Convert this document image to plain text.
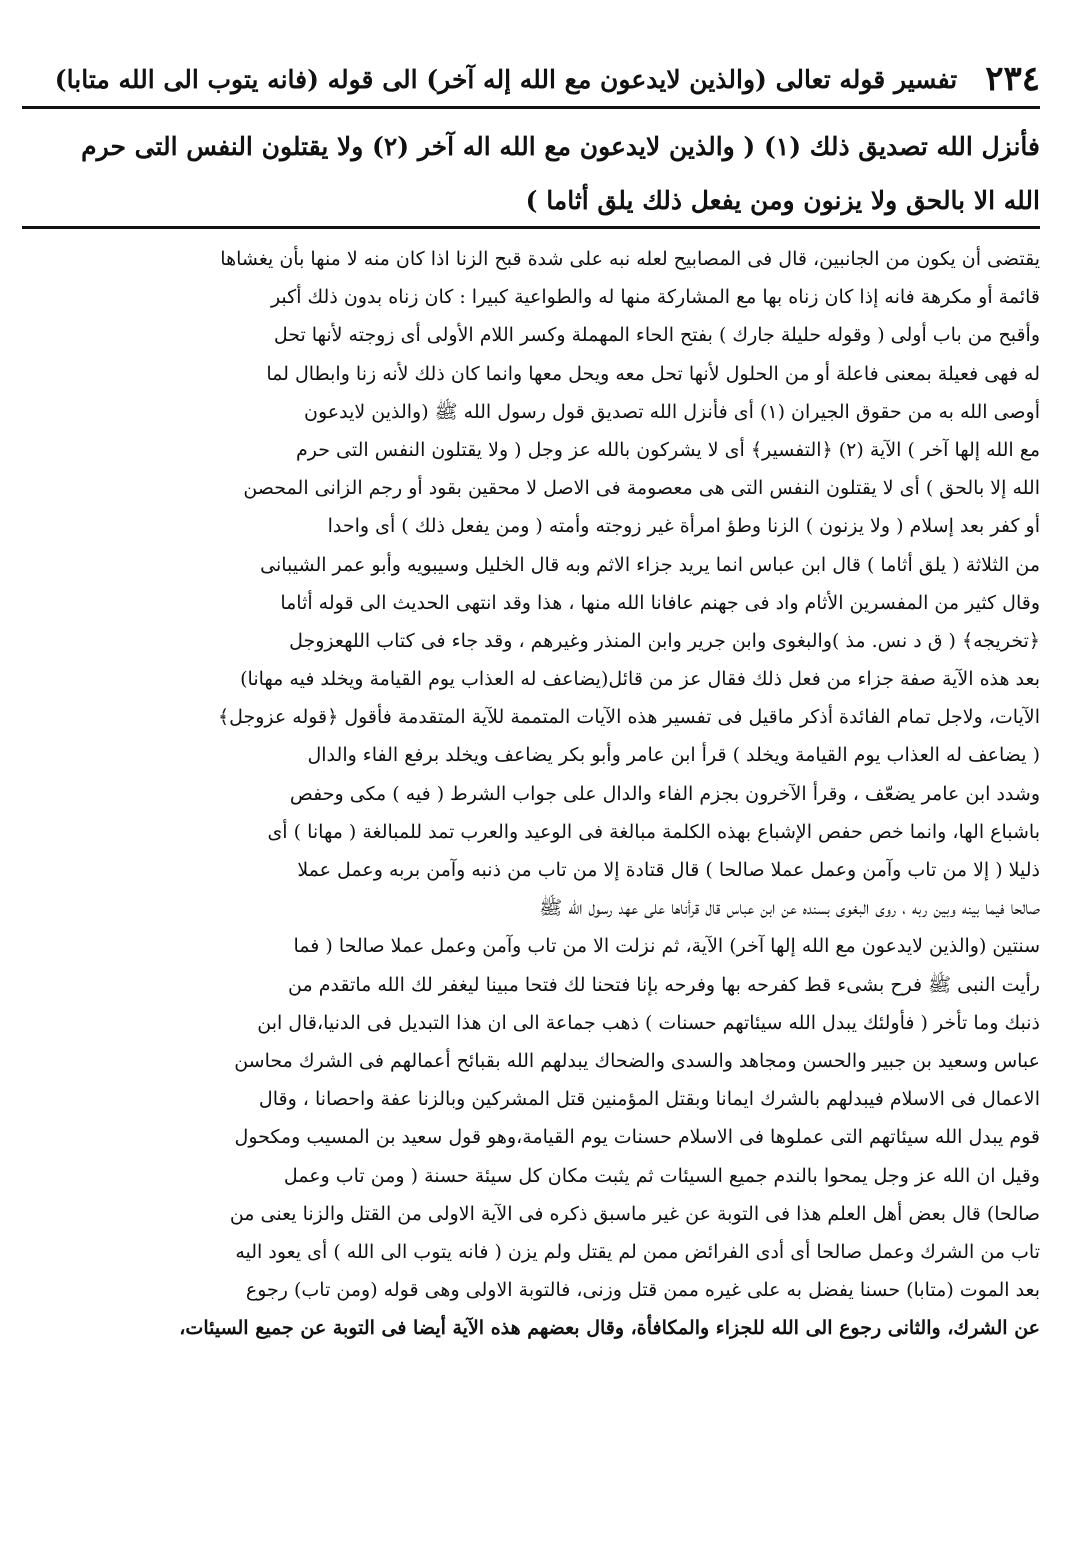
٢٣٤
تفسير قوله تعالى (والذين لايدعون مع الله إله آخر) الى قوله (فانه يتوب الى الله متابا)
فأنزل الله تصديق ذلك (١) ( والذين لايدعون مع الله اله آخر (٢) ولا يقتلون النفس التى حرم
الله الا بالحق ولا يزنون ومن يفعل ذلك يلق أثاما )
يقتضى أن يكون من الجانبين، قال فى المصابيح لعله نبه على شدة قبح الزنا اذا كان منه لا منها بأن يغشاها
قائمة أو مكرهة فانه إذا كان زناه بها مع المشاركة منها له والطواعية كبيرا : كان زناه بدون ذلك أكبر
وأقبح من باب أولى ( وقوله حليلة جارك ) بفتح الحاء المهملة وكسر اللام الأولى أى زوجته لأنها تحل
له فهى فعيلة بمعنى فاعلة أو من الحلول لأنها تحل معه ويحل معها وانما كان ذلك لأنه زنا وابطال لما
أوصى الله به من حقوق الجيران (١) أى فأنزل الله تصديق قول رسول الله ﷺ (والذين لايدعون
مع الله إلها آخر ) الآية (٢) ﴿التفسير﴾ أى لا يشركون بالله عز وجل ( ولا يقتلون النفس التى حرم
الله إلا بالحق ) أى لا يقتلون النفس التى هى معصومة فى الاصل لا محقين بقود أو رجم الزانى المحصن
أو كفر بعد إسلام ( ولا يزنون ) الزنا وطؤ امرأة غير زوجته وأمته ( ومن يفعل ذلك ) أى واحدا
من الثلاثة ( يلق أثاما ) قال ابن عباس انما يريد جزاء الاثم وبه قال الخليل وسيبويه وأبو عمر الشيبانى
وقال كثير من المفسرين الأثام واد فى جهنم عافانا الله منها ، هذا وقد انتهى الحديث الى قوله أثاما
﴿تخريجه﴾ ( ق د نس. مذ )والبغوى وابن جرير وابن المنذر وغيرهم ، وقد جاء فى كتاب اللهعزوجل
بعد هذه الآية صفة جزاء من فعل ذلك فقال عز من قائل(يضاعف له العذاب يوم القيامة ويخلد فيه مهانا)
الآيات، ولاجل تمام الفائدة أذكر ماقيل فى تفسير هذه الآيات المتممة للآية المتقدمة فأقول ﴿قوله عزوجل﴾
( يضاعف له العذاب يوم القيامة ويخلد ) قرأ ابن عامر وأبو بكر يضاعف ويخلد برفع الفاء والدال
وشدد ابن عامر يضعّف ، وقرأ الآخرون بجزم الفاء والدال على جواب الشرط ( فيه ) مكى وحفص
باشباع الها، وانما خص حفص الإشباع بهذه الكلمة مبالغة فى الوعيد والعرب تمد للمبالغة ( مهانا ) أى
ذليلا ( إلا من تاب وآمن وعمل عملا صالحا ) قال قتادة إلا من تاب من ذنبه وآمن بربه وعمل عملا
صالحا فيما بينه وبين ربه ، روى البغوى بسنده عن ابن عباس قال قرأناها على عهد رسول الله ﷺ
سنتين (والذين لايدعون مع الله إلها آخر) الآية، ثم نزلت الا من تاب وآمن وعمل عملا صالحا ( فما
رأيت النبى ﷺ فرح بشىء قط كفرحه بها وفرحه بإنا فتحنا لك فتحا مبينا ليغفر لك الله ماتقدم من
ذنبك وما تأخر ( فأولئك يبدل الله سيئاتهم حسنات ) ذهب جماعة الى ان هذا التبديل فى الدنيا،قال ابن
عباس وسعيد بن جبير والحسن ومجاهد والسدى والضحاك يبدلهم الله بقبائح أعمالهم فى الشرك محاسن
الاعمال فى الاسلام فيبدلهم بالشرك ايمانا وبقتل المؤمنين قتل المشركين وبالزنا عفة واحصانا ، وقال
قوم يبدل الله سيئاتهم التى عملوها فى الاسلام حسنات يوم القيامة،وهو قول سعيد بن المسيب ومكحول
وقيل ان الله عز وجل يمحوا بالندم جميع السيئات ثم يثبت مكان كل سيئة حسنة ( ومن تاب وعمل
صالحا) قال بعض أهل العلم هذا فى التوبة عن غير ماسبق ذكره فى الآية الاولى من القتل والزنا يعنى من
تاب من الشرك وعمل صالحا أى أدى الفرائض ممن لم يقتل ولم يزن ( فانه يتوب الى الله ) أى يعود اليه
بعد الموت (متابا) حسنا يفضل به على غيره ممن قتل وزنى، فالتوبة الاولى وهى قوله (ومن تاب) رجوع
عن الشرك، والثانى رجوع الى الله للجزاء والمكافأة، وقال بعضهم هذه الآية أيضا فى التوبة عن جميع السيئات،
